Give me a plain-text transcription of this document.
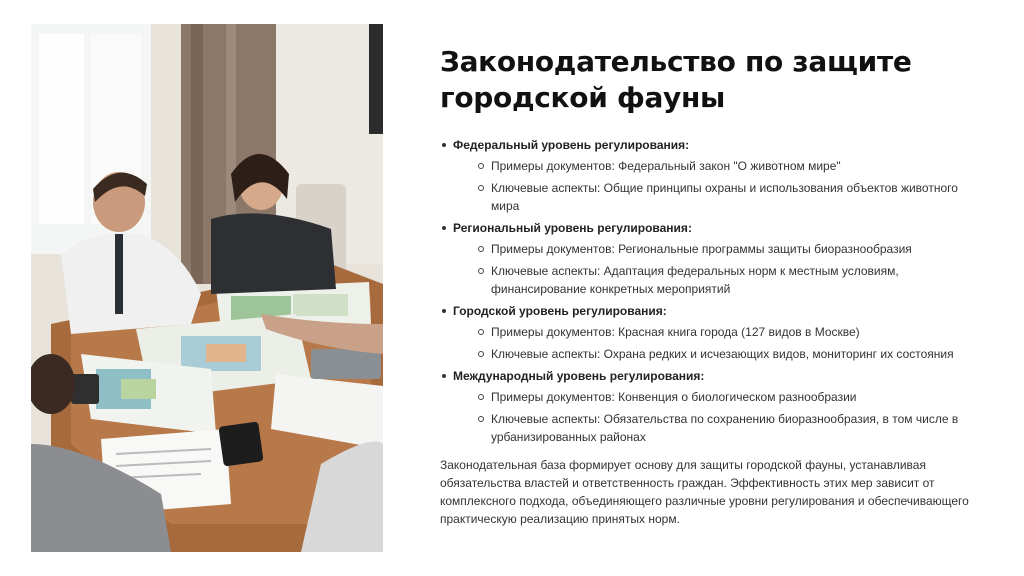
Законодательство по защите городской фауны
Федеральный уровень регулирования:
Примеры документов: Федеральный закон "О животном мире"
Ключевые аспекты: Общие принципы охраны и использования объектов животного мира
Региональный уровень регулирования:
Примеры документов: Региональные программы защиты биоразнообразия
Ключевые аспекты: Адаптация федеральных норм к местным условиям, финансирование конкретных мероприятий
Городской уровень регулирования:
Примеры документов: Красная книга города (127 видов в Москве)
Ключевые аспекты: Охрана редких и исчезающих видов, мониторинг их состояния
Международный уровень регулирования:
Примеры документов: Конвенция о биологическом разнообразии
Ключевые аспекты: Обязательства по сохранению биоразнообразия, в том числе в урбанизированных районах

Законодательная база формирует основу для защиты городской фауны, устанавливая обязательства властей и ответственность граждан. Эффективность этих мер зависит от комплексного подхода, объединяющего различные уровни регулирования и обеспечивающего практическую реализацию принятых норм.
